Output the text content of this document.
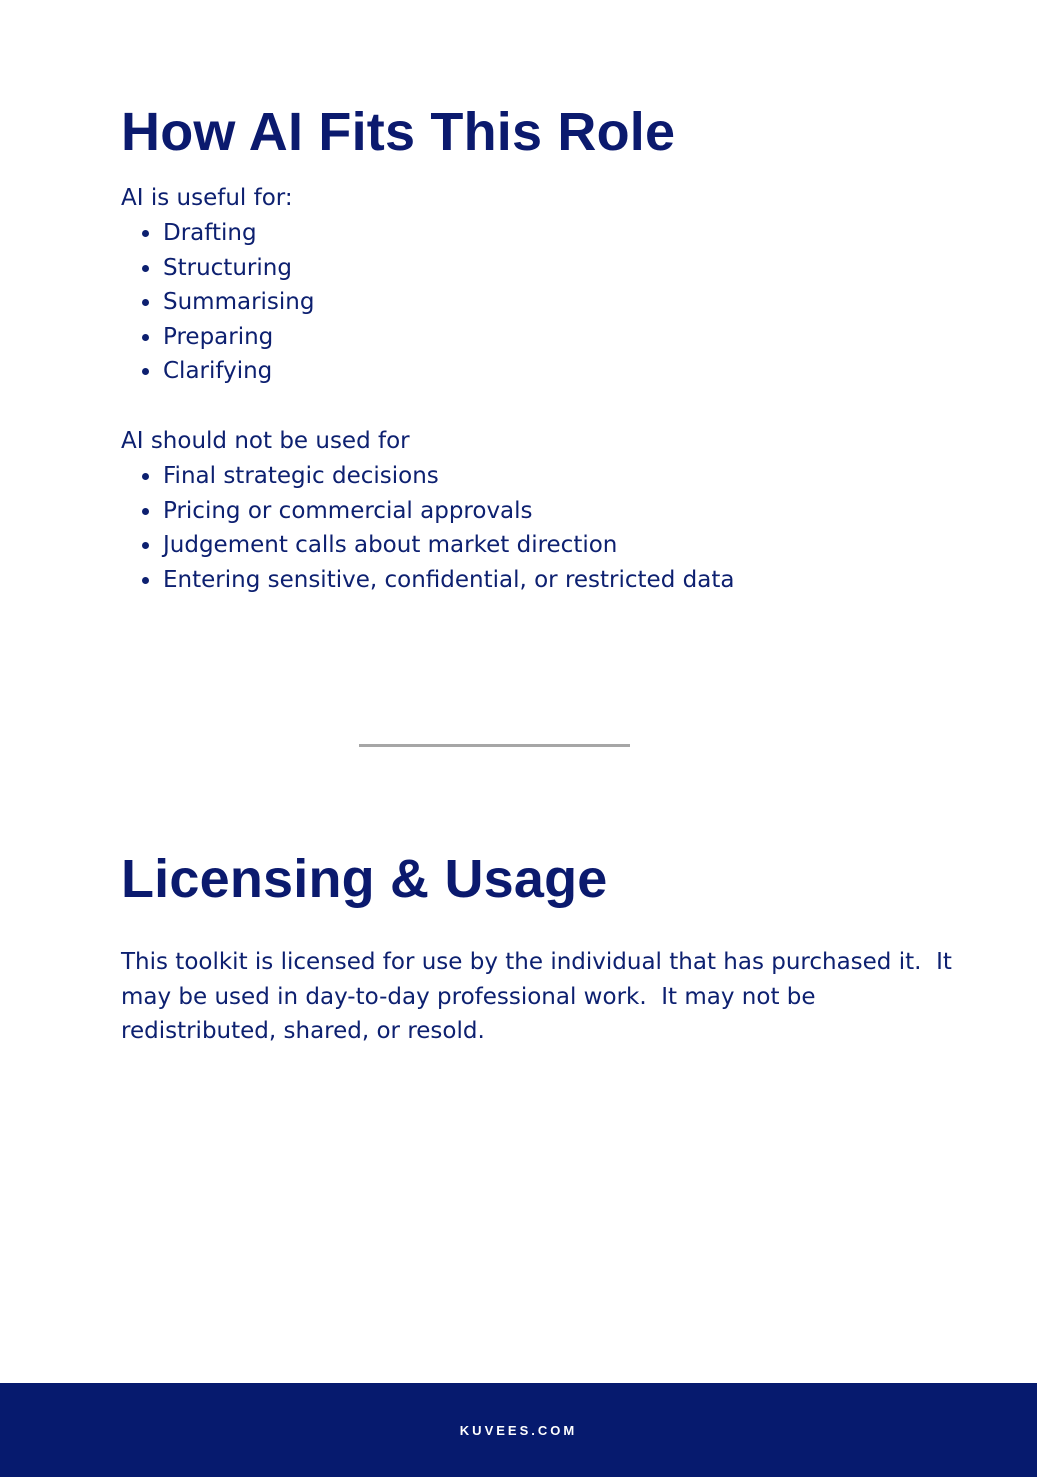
How AI Fits This Role

AI is useful for:

Drafting
Structuring
Summarising
Preparing
Clarifying

AI should not be used for

Final strategic decisions
Pricing or commercial approvals
Judgement calls about market direction
Entering sensitive, confidential, or restricted data
Licensing & Usage

This toolkit is licensed for use by the individual that has purchased it.  It may be used in day-to-day professional work.  It may not be redistributed, shared, or resold.

KUVEES.COM
